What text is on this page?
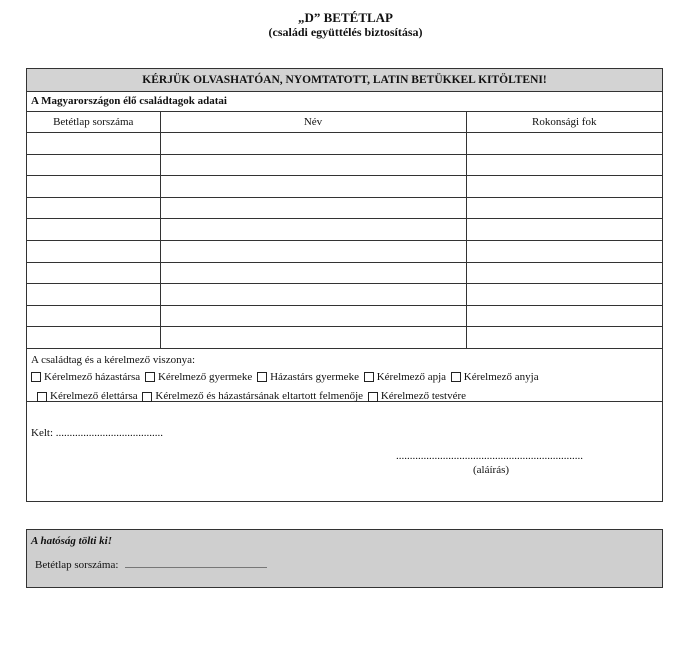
„D” BETÉTLAP
(családi együttélés biztosítása)
KÉRJÜK OLVASHATÓAN, NYOMTATOTT, LATIN BETÜKKEL KITÖLTENI!
A Magyarországon élő családtagok adatai
Betétlap sorszáma	Név	Rokonsági fok

A családtag és a kérelmező viszonya:
Kérelmező házastársa
Kérelmező gyermeke
Házastárs gyermeke
Kérelmező apja
Kérelmező anyja
Kérelmező élettársa
Kérelmező és házastársának eltartott felmenője
Kérelmező testvére
Kelt: .......................................
....................................................................
(aláírás)
A hatóság tölti ki!
Betétlap sorszáma:
